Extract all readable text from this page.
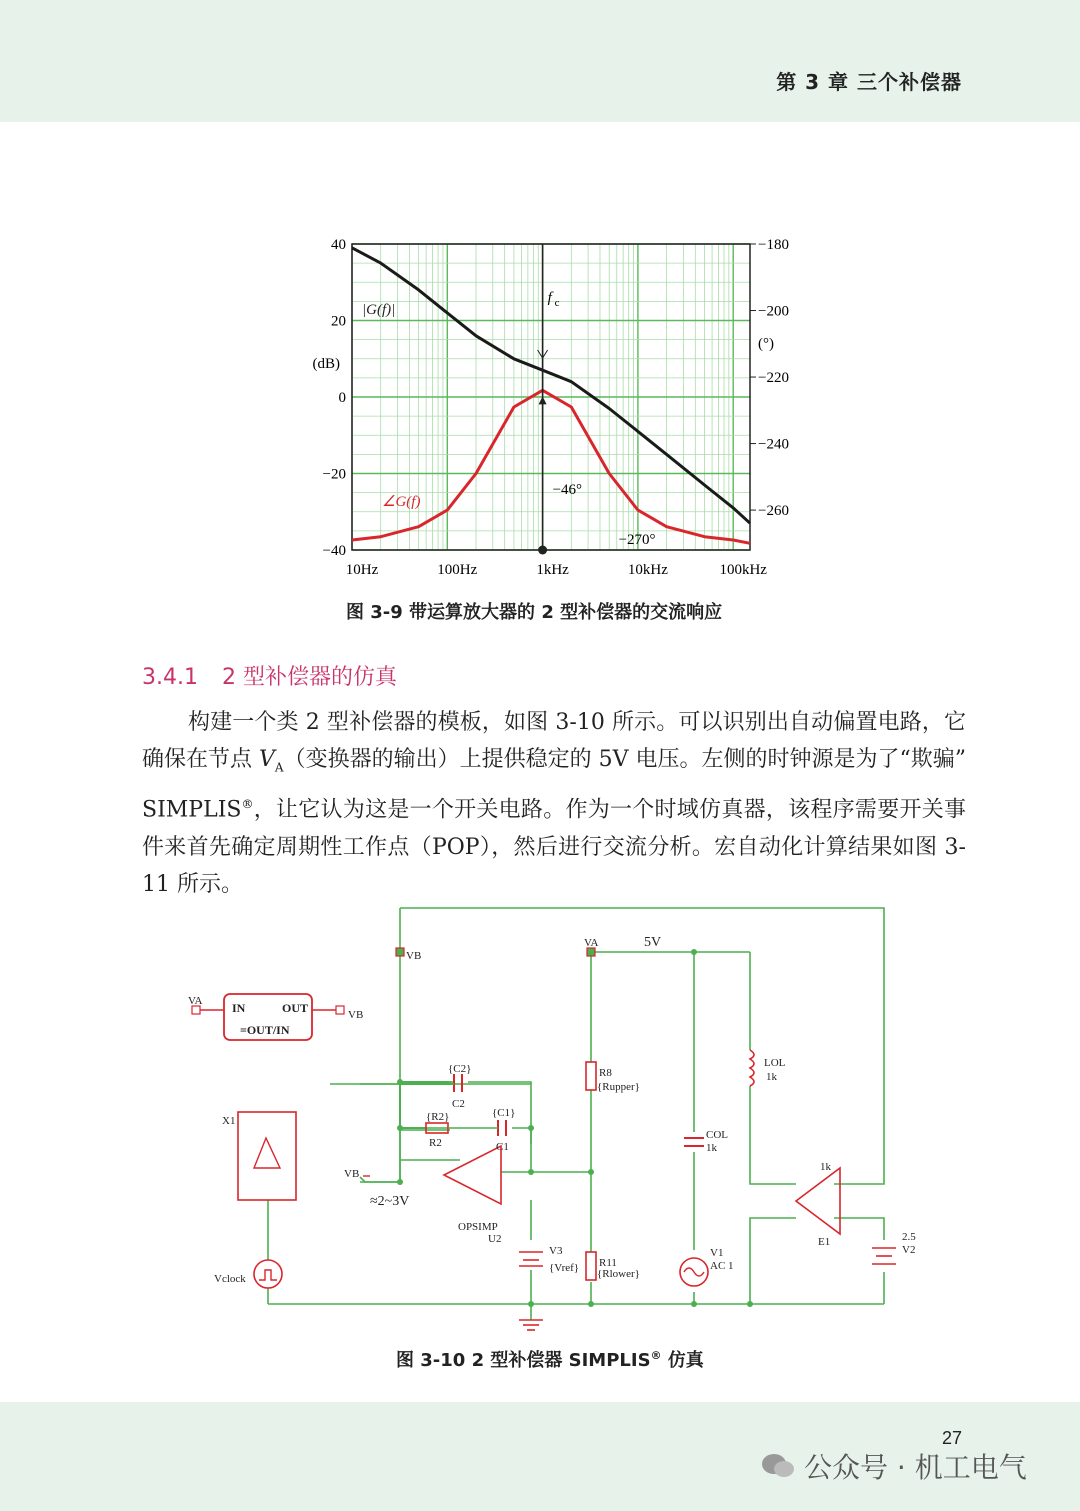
第 3 章 三个补偿器
40
20
0
−20
−40
(dB)
−180
−200
−220
−240
−260
(°)
10Hz	100Hz	1kHz	10kHz	100kHz
f c
|G(f)|
∠G(f)
−46°
−270°
图 3-9 带运算放大器的 2 型补偿器的交流响应
3.4.1 2 型补偿器的仿真

构建一个类 2 型补偿器的模板，如图 3-10 所示。可以识别出自动偏置电路，它确保在节点 $V_A$（变换器的输出）上提供稳定的 5V 电压。左侧的时钟源是为了“欺骗” SIMPLIS®，让它认为这是一个开关电路。作为一个时域仿真器，该程序需要开关事件来首先确定周期性工作点（POP），然后进行交流分析。宏自动化计算结果如图 3-11 所示。

VA
VB
IN	OUT
=OUT/IN
VB
VA
X1
Vclock
{C2}
C2
{R2}
R2
{C1}
C1
VB
≈2~3V
OPSIMP
U2
V3
{Vref}
R8
{Rupper}
R11
{Rlower}
5V
COL
1k
V1
AC 1
LOL
1k
1k
E1	2.5
V2
图 3-10 2 型补偿器 SIMPLIS® 仿真
27
公众号 · 机工电气
